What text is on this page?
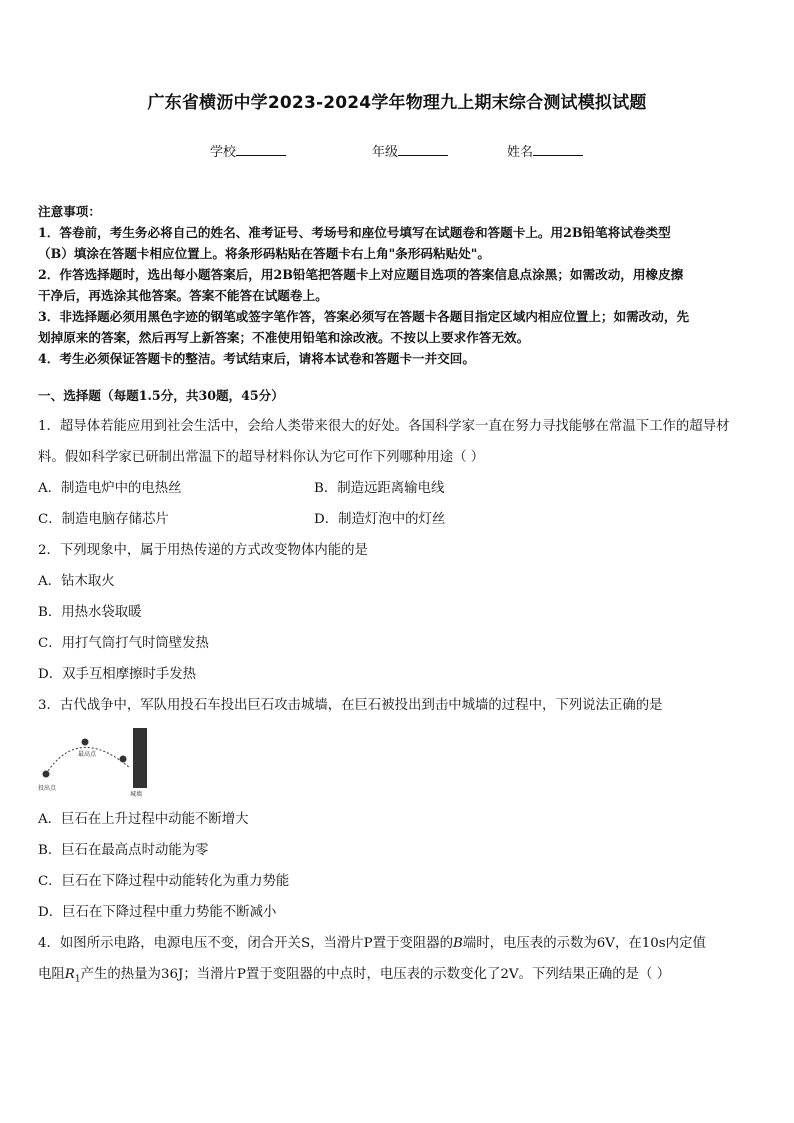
广东省横沥中学2023-2024学年物理九上期末综合测试模拟试题
学校	年级	姓名

注意事项：

1．答卷前，考生务必将自己的姓名、准考证号、考场号和座位号填写在试题卷和答题卡上。用2B铅笔将试卷类型

（B）填涂在答题卡相应位置上。将条形码粘贴在答题卡右上角"条形码粘贴处"。

2．作答选择题时，选出每小题答案后，用2B铅笔把答题卡上对应题目选项的答案信息点涂黑；如需改动，用橡皮擦

干净后，再选涂其他答案。答案不能答在试题卷上。

3．非选择题必须用黑色字迹的钢笔或签字笔作答，答案必须写在答题卡各题目指定区域内相应位置上；如需改动，先

划掉原来的答案，然后再写上新答案；不准使用铅笔和涂改液。不按以上要求作答无效。

4．考生必须保证答题卡的整洁。考试结束后，请将本试卷和答题卡一并交回。

一、选择题（每题1.5分，共30题，45分）

1．超导体若能应用到社会生活中，会给人类带来很大的好处。各国科学家一直在努力寻找能够在常温下工作的超导材

料。假如科学家已研制出常温下的超导材料你认为它可作下列哪种用途（ ）

A．制造电炉中的电热丝	B．制造远距离输电线
C．制造电脑存储芯片	D．制造灯泡中的灯丝

2．下列现象中，属于用热传递的方式改变物体内能的是

A．钻木取火

B．用热水袋取暖

C．用打气筒打气时筒壁发热

D．双手互相摩擦时手发热

3．古代战争中，军队用投石车投出巨石攻击城墙，在巨石被投出到击中城墙的过程中，下列说法正确的是

最高点
投出点
城墙

A．巨石在上升过程中动能不断增大

B．巨石在最高点时动能为零

C．巨石在下降过程中动能转化为重力势能

D．巨石在下降过程中重力势能不断减小

4．如图所示电路，电源电压不变，闭合开关S，当滑片P置于变阻器的B端时，电压表的示数为6V，在10s内定值

电阻$R_1$产生的热量为36J；当滑片P置于变阻器的中点时，电压表的示数变化了2V。下列结果正确的是（ ）
